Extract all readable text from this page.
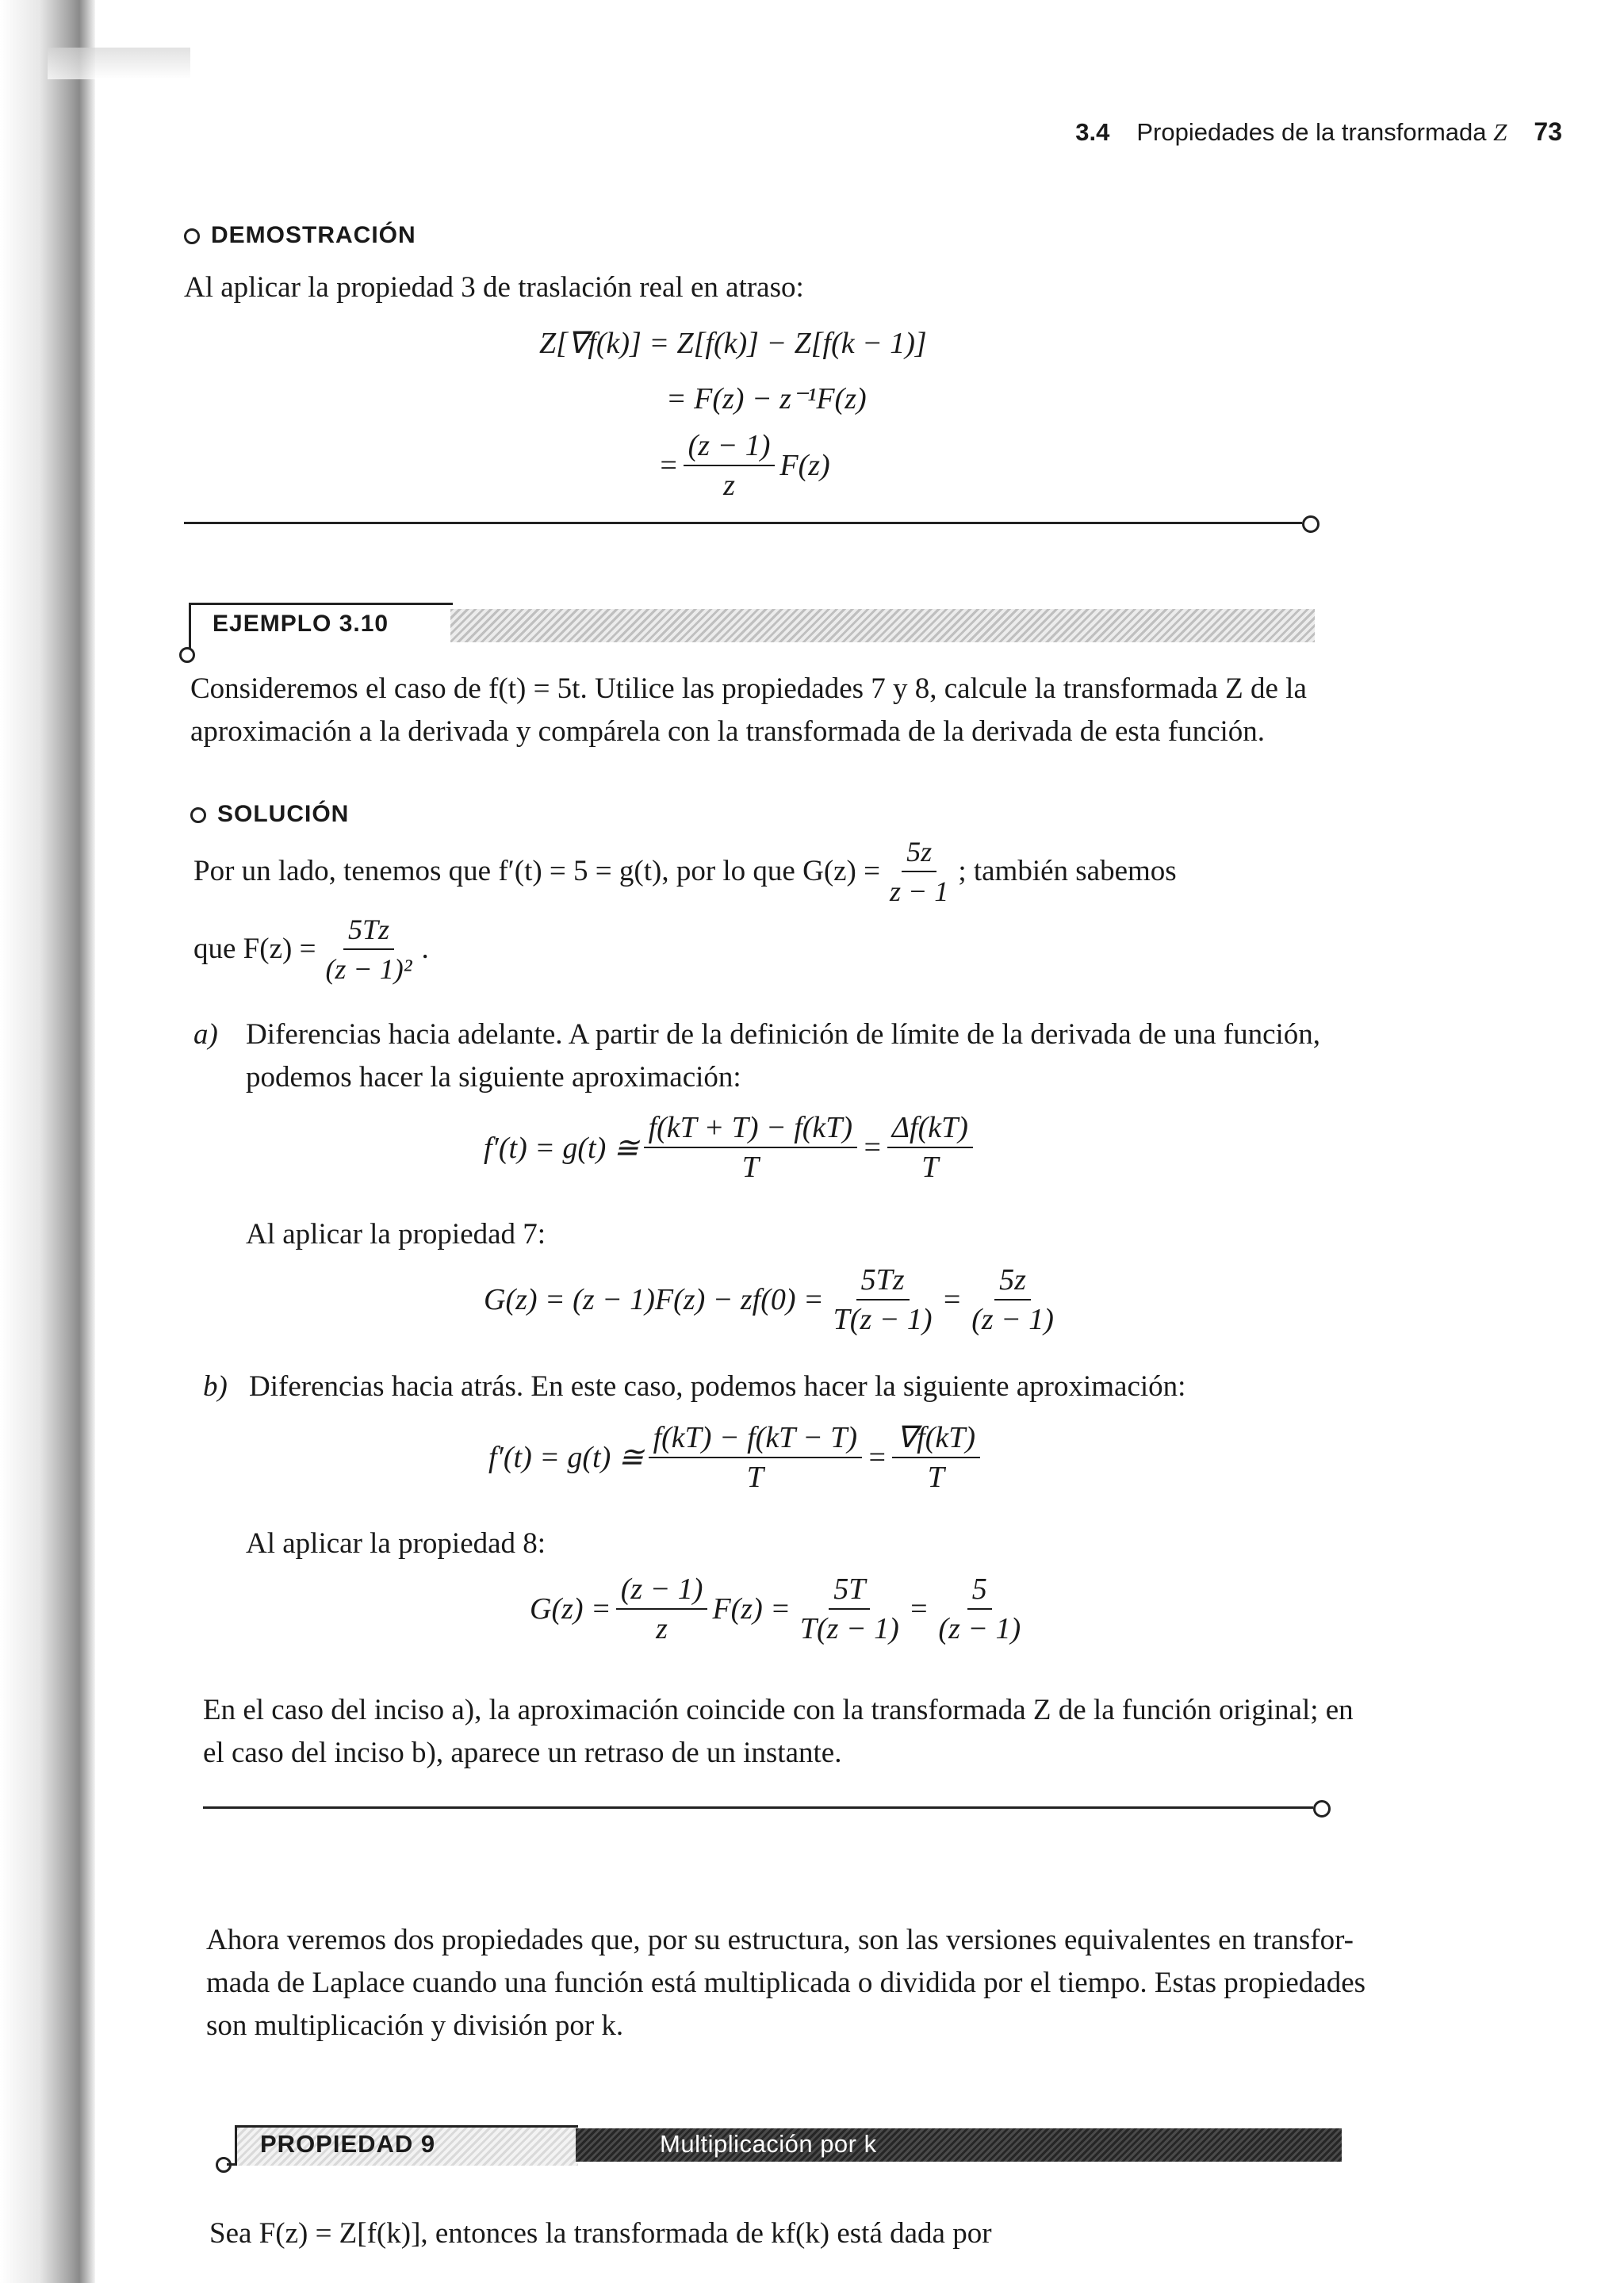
3.4 Propiedades de la transformada Z 73
DEMOSTRACIÓN
Al aplicar la propiedad 3 de traslación real en atraso:
Z[∇f(k)] = Z[f(k)] − Z[f(k − 1)]
= F(z) − z⁻¹F(z)
= $\frac{(z - 1)}{z} F(z)$
EJEMPLO 3.10
Consideremos el caso de f(t) = 5t. Utilice las propiedades 7 y 8, calcule la transformada Z de la
aproximación a la derivada y compárela con la transformada de la derivada de esta función.
SOLUCIÓN
Por un lado, tenemos que f′(t) = 5 = g(t), por lo que $G(z) = \frac{5z}{z - 1}$ ; también sabemos
que $F(z) = \frac{5Tz}{\text{(z − 1)²}}$ .
a) Diferencias hacia adelante. A partir de la definición de límite de la derivada de una función,
podemos hacer la siguiente aproximación:
f′(t) = g(t) ≅ $\frac{f(kT + T) - f(kT)}{T} = \frac{\Delta f(kT)}{T}$
Al aplicar la propiedad 7:
$G(z) = (z - 1)F(z) - zf(0) = \frac{5Tz}{T(z - 1)} = \frac{5z}{(z - 1)}$
b) Diferencias hacia atrás. En este caso, podemos hacer la siguiente aproximación:
f′(t) = g(t) ≅ $\frac{f(kT) - f(kT - T)}{T} = \frac{\nabla f(kT)}{T}$
Al aplicar la propiedad 8:
$G(z) = \frac{(z - 1)}{z} F(z) = \frac{5T}{T(z - 1)} = \frac{5}{(z - 1)}$
En el caso del inciso a), la aproximación coincide con la transformada Z de la función original; en
el caso del inciso b), aparece un retraso de un instante.
Ahora veremos dos propiedades que, por su estructura, son las versiones equivalentes en transfor-
mada de Laplace cuando una función está multiplicada o dividida por el tiempo. Estas propiedades
son multiplicación y división por k.
PROPIEDAD 9	Multiplicación por k
Sea F(z) = Z[f(k)], entonces la transformada de kf(k) está dada por
